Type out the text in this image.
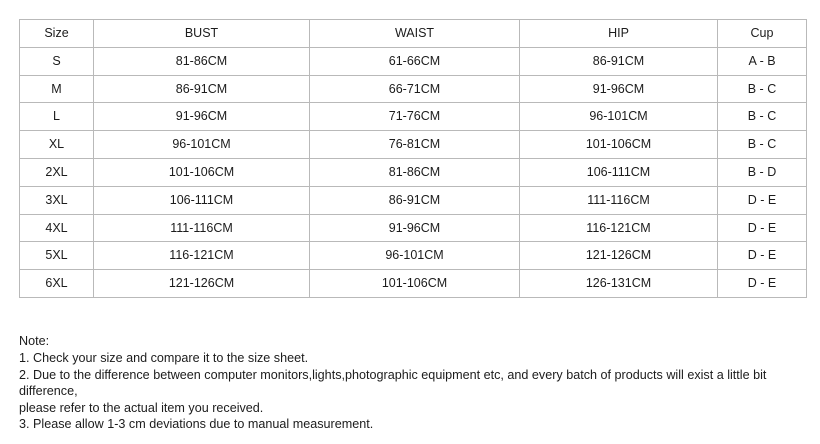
Size	BUST	WAIST	HIP	Cup
S	81-86CM	61-66CM	86-91CM	A - B
M	86-91CM	66-71CM	91-96CM	B - C
L	91-96CM	71-76CM	96-101CM	B - C
XL	96-101CM	76-81CM	101-106CM	B - C
2XL	101-106CM	81-86CM	106-111CM	B - D
3XL	106-111CM	86-91CM	111-116CM	D - E
4XL	111-116CM	91-96CM	116-121CM	D - E
5XL	116-121CM	96-101CM	121-126CM	D - E
6XL	121-126CM	101-106CM	126-131CM	D - E
Note:
1. Check your size and compare it to the size sheet.
2. Due to the difference between computer monitors,lights,photographic equipment etc, and every batch of products will exist a little bit difference,
please refer to the actual item you received.
3. Please allow 1-3 cm deviations due to manual measurement.
